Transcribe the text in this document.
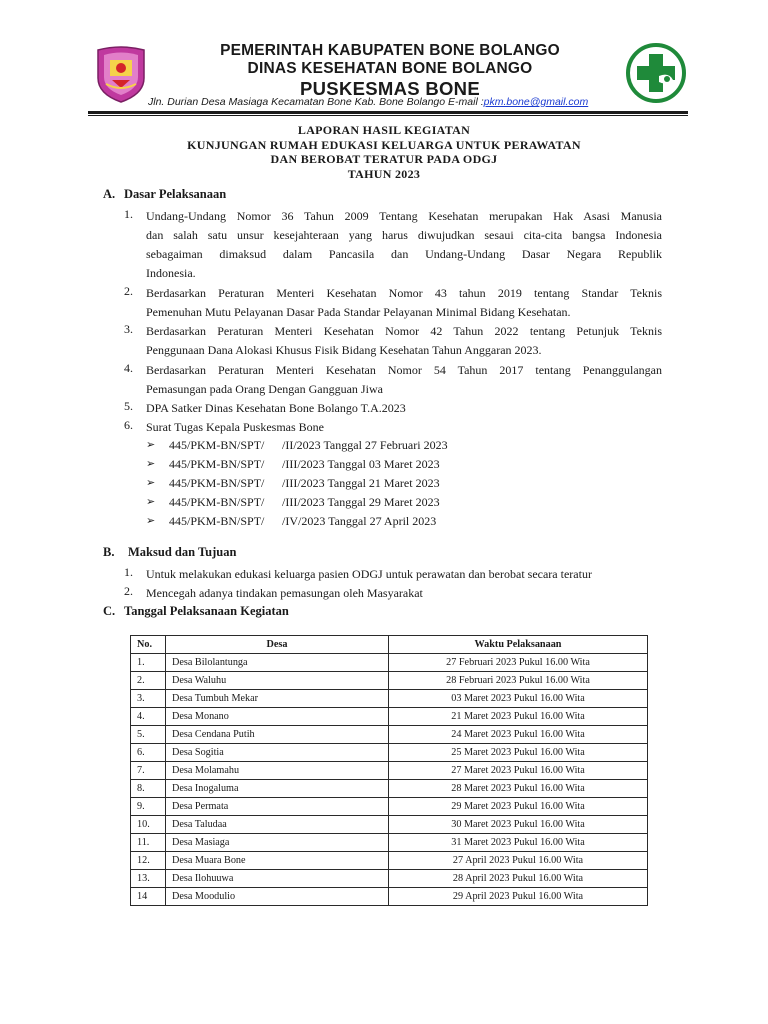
PEMERINTAH KABUPATEN BONE BOLANGO
DINAS KESEHATAN BONE BOLANGO
PUSKESMAS BONE
Jln. Durian Desa Masiaga Kecamatan Bone Kab. Bone Bolango E-mail :pkm.bone@gmail.com
LAPORAN HASIL KEGIATAN
KUNJUNGAN RUMAH EDUKASI KELUARGA UNTUK PERAWATAN
DAN BEROBAT TERATUR PADA ODGJ
TAHUN 2023
A. Dasar Pelaksanaan
1. Undang-Undang Nomor 36 Tahun 2009 Tentang Kesehatan merupakan Hak Asasi Manusia
dan salah satu unsur kesejahteraan yang harus diwujudkan sesaui cita-cita bangsa Indonesia
sebagaiman dimaksud dalam Pancasila dan Undang-Undang Dasar Negara Republik
Indonesia.
2. Berdasarkan Peraturan Menteri Kesehatan Nomor 43 tahun 2019 tentang Standar Teknis
Pemenuhan Mutu Pelayanan Dasar Pada Standar Pelayanan Minimal Bidang Kesehatan.
3. Berdasarkan Peraturan Menteri Kesehatan Nomor 42 Tahun 2022 tentang Petunjuk Teknis
Penggunaan Dana Alokasi Khusus Fisik Bidang Kesehatan Tahun Anggaran 2023.
4. Berdasarkan Peraturan Menteri Kesehatan Nomor 54 Tahun 2017 tentang Penanggulangan
Pemasungan pada Orang Dengan Gangguan Jiwa
5. DPA Satker Dinas Kesehatan Bone Bolango T.A.2023
6. Surat Tugas Kepala Puskesmas Bone
➢ 445/PKM-BN/SPT/ /II/2023 Tanggal 27 Februari 2023
➢ 445/PKM-BN/SPT/ /III/2023 Tanggal 03 Maret 2023
➢ 445/PKM-BN/SPT/ /III/2023 Tanggal 21 Maret 2023
➢ 445/PKM-BN/SPT/ /III/2023 Tanggal 29 Maret 2023
➢ 445/PKM-BN/SPT/ /IV/2023 Tanggal 27 April 2023
B. Maksud dan Tujuan
1. Untuk melakukan edukasi keluarga pasien ODGJ untuk perawatan dan berobat secara teratur
2. Mencegah adanya tindakan pemasungan oleh Masyarakat
C. Tanggal Pelaksanaan Kegiatan
No.	Desa	Waktu Pelaksanaan
1.	Desa Bilolantunga	27 Februari 2023 Pukul 16.00 Wita
2.	Desa Waluhu	28 Februari 2023 Pukul 16.00 Wita
3.	Desa Tumbuh Mekar	03 Maret 2023 Pukul 16.00 Wita
4.	Desa Monano	21 Maret 2023 Pukul 16.00 Wita
5.	Desa Cendana Putih	24 Maret 2023 Pukul 16.00 Wita
6.	Desa Sogitia	25 Maret 2023 Pukul 16.00 Wita
7.	Desa Molamahu	27 Maret 2023 Pukul 16.00 Wita
8.	Desa Inogaluma	28 Maret 2023 Pukul 16.00 Wita
9.	Desa Permata	29 Maret 2023 Pukul 16.00 Wita
10.	Desa Taludaa	30 Maret 2023 Pukul 16.00 Wita
11.	Desa Masiaga	31 Maret 2023 Pukul 16.00 Wita
12.	Desa Muara Bone	27 April 2023 Pukul 16.00 Wita
13.	Desa Ilohuuwa	28 April 2023 Pukul 16.00 Wita
14	Desa Moodulio	29 April 2023 Pukul 16.00 Wita
